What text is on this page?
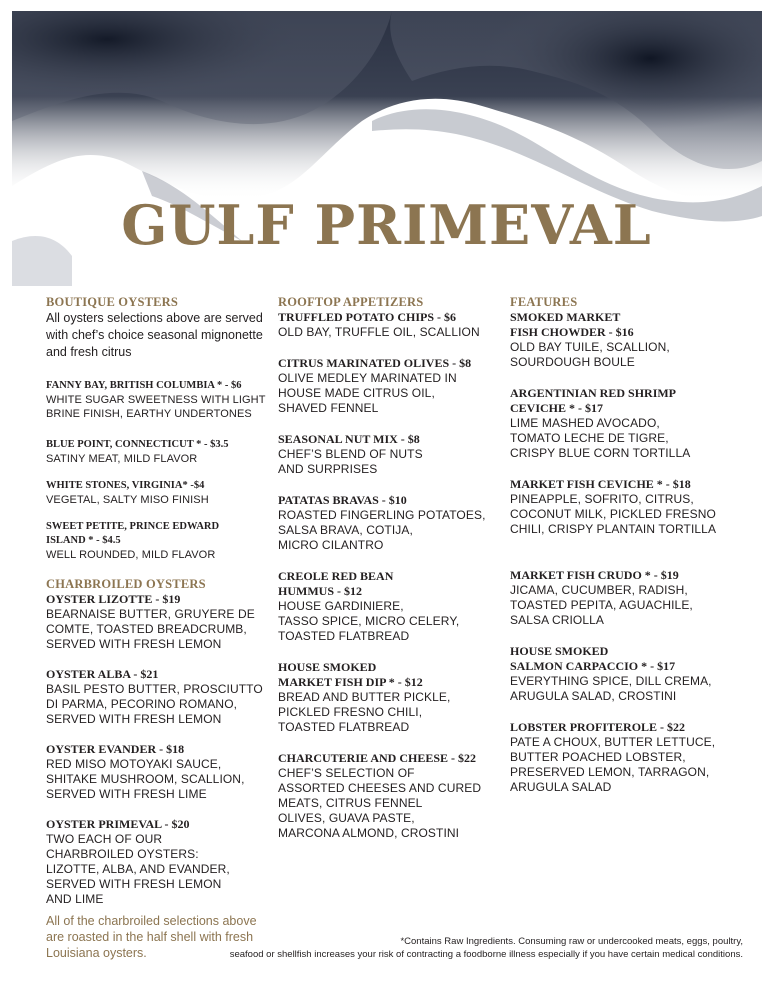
GULF PRIMEVAL
BOUTIQUE OYSTERS
All oysters selections above are served with chef’s choice seasonal mignonette and fresh citrus
FANNY BAY, BRITISH COLUMBIA * - $6
WHITE SUGAR SWEETNESS WITH LIGHT BRINE FINISH, EARTHY UNDERTONES
BLUE POINT, CONNECTICUT * - $3.5
SATINY MEAT, MILD FLAVOR
WHITE STONES, VIRGINIA* -$4
VEGETAL, SALTY MISO FINISH
SWEET PETITE, PRINCE EDWARD
ISLAND * - $4.5
WELL ROUNDED, MILD FLAVOR
CHARBROILED OYSTERS
OYSTER LIZOTTE - $19
BEARNAISE BUTTER, GRUYERE DE
COMTE, TOASTED BREADCRUMB,
SERVED WITH FRESH LEMON
OYSTER ALBA - $21
BASIL PESTO BUTTER, PROSCIUTTO
DI PARMA, PECORINO ROMANO,
SERVED WITH FRESH LEMON
OYSTER EVANDER - $18
RED MISO MOTOYAKI SAUCE,
SHITAKE MUSHROOM, SCALLION,
SERVED WITH FRESH LIME
OYSTER PRIMEVAL - $20
TWO EACH OF OUR
CHARBROILED OYSTERS:
LIZOTTE, ALBA, AND EVANDER,
SERVED WITH FRESH LEMON
AND LIME
All of the charbroiled selections above are roasted in the half shell with fresh Louisiana oysters.
ROOFTOP APPETIZERS
TRUFFLED POTATO CHIPS - $6
OLD BAY, TRUFFLE OIL, SCALLION
CITRUS MARINATED OLIVES - $8
OLIVE MEDLEY MARINATED IN
HOUSE MADE CITRUS OIL,
SHAVED FENNEL
SEASONAL NUT MIX - $8
CHEF’S BLEND OF NUTS
AND SURPRISES
PATATAS BRAVAS - $10
ROASTED FINGERLING POTATOES,
SALSA BRAVA, COTIJA,
MICRO CILANTRO
CREOLE RED BEAN
HUMMUS - $12
HOUSE GARDINIERE,
TASSO SPICE, MICRO CELERY,
TOASTED FLATBREAD
HOUSE SMOKED
MARKET FISH DIP * - $12
BREAD AND BUTTER PICKLE,
PICKLED FRESNO CHILI,
TOASTED FLATBREAD
CHARCUTERIE AND CHEESE - $22
CHEF’S SELECTION OF
ASSORTED CHEESES AND CURED
MEATS, CITRUS FENNEL
OLIVES, GUAVA PASTE,
MARCONA ALMOND, CROSTINI
FEATURES
SMOKED MARKET
FISH CHOWDER - $16
OLD BAY TUILE, SCALLION,
SOURDOUGH BOULE
ARGENTINIAN RED SHRIMP
CEVICHE * - $17
LIME MASHED AVOCADO,
TOMATO LECHE DE TIGRE,
CRISPY BLUE CORN TORTILLA
MARKET FISH CEVICHE * - $18
PINEAPPLE, SOFRITO, CITRUS,
COCONUT MILK, PICKLED FRESNO
CHILI, CRISPY PLANTAIN TORTILLA
MARKET FISH CRUDO * - $19
JICAMA, CUCUMBER, RADISH,
TOASTED PEPITA, AGUACHILE,
SALSA CRIOLLA
HOUSE SMOKED
SALMON CARPACCIO * - $17
EVERYTHING SPICE, DILL CREMA,
ARUGULA SALAD, CROSTINI
LOBSTER PROFITEROLE - $22
PATE A CHOUX, BUTTER LETTUCE,
BUTTER POACHED LOBSTER,
PRESERVED LEMON, TARRAGON,
ARUGULA SALAD
*Contains Raw Ingredients. Consuming raw or undercooked meats, eggs, poultry,
seafood or shellfish increases your risk of contracting a foodborne illness especially if you have certain medical conditions.
